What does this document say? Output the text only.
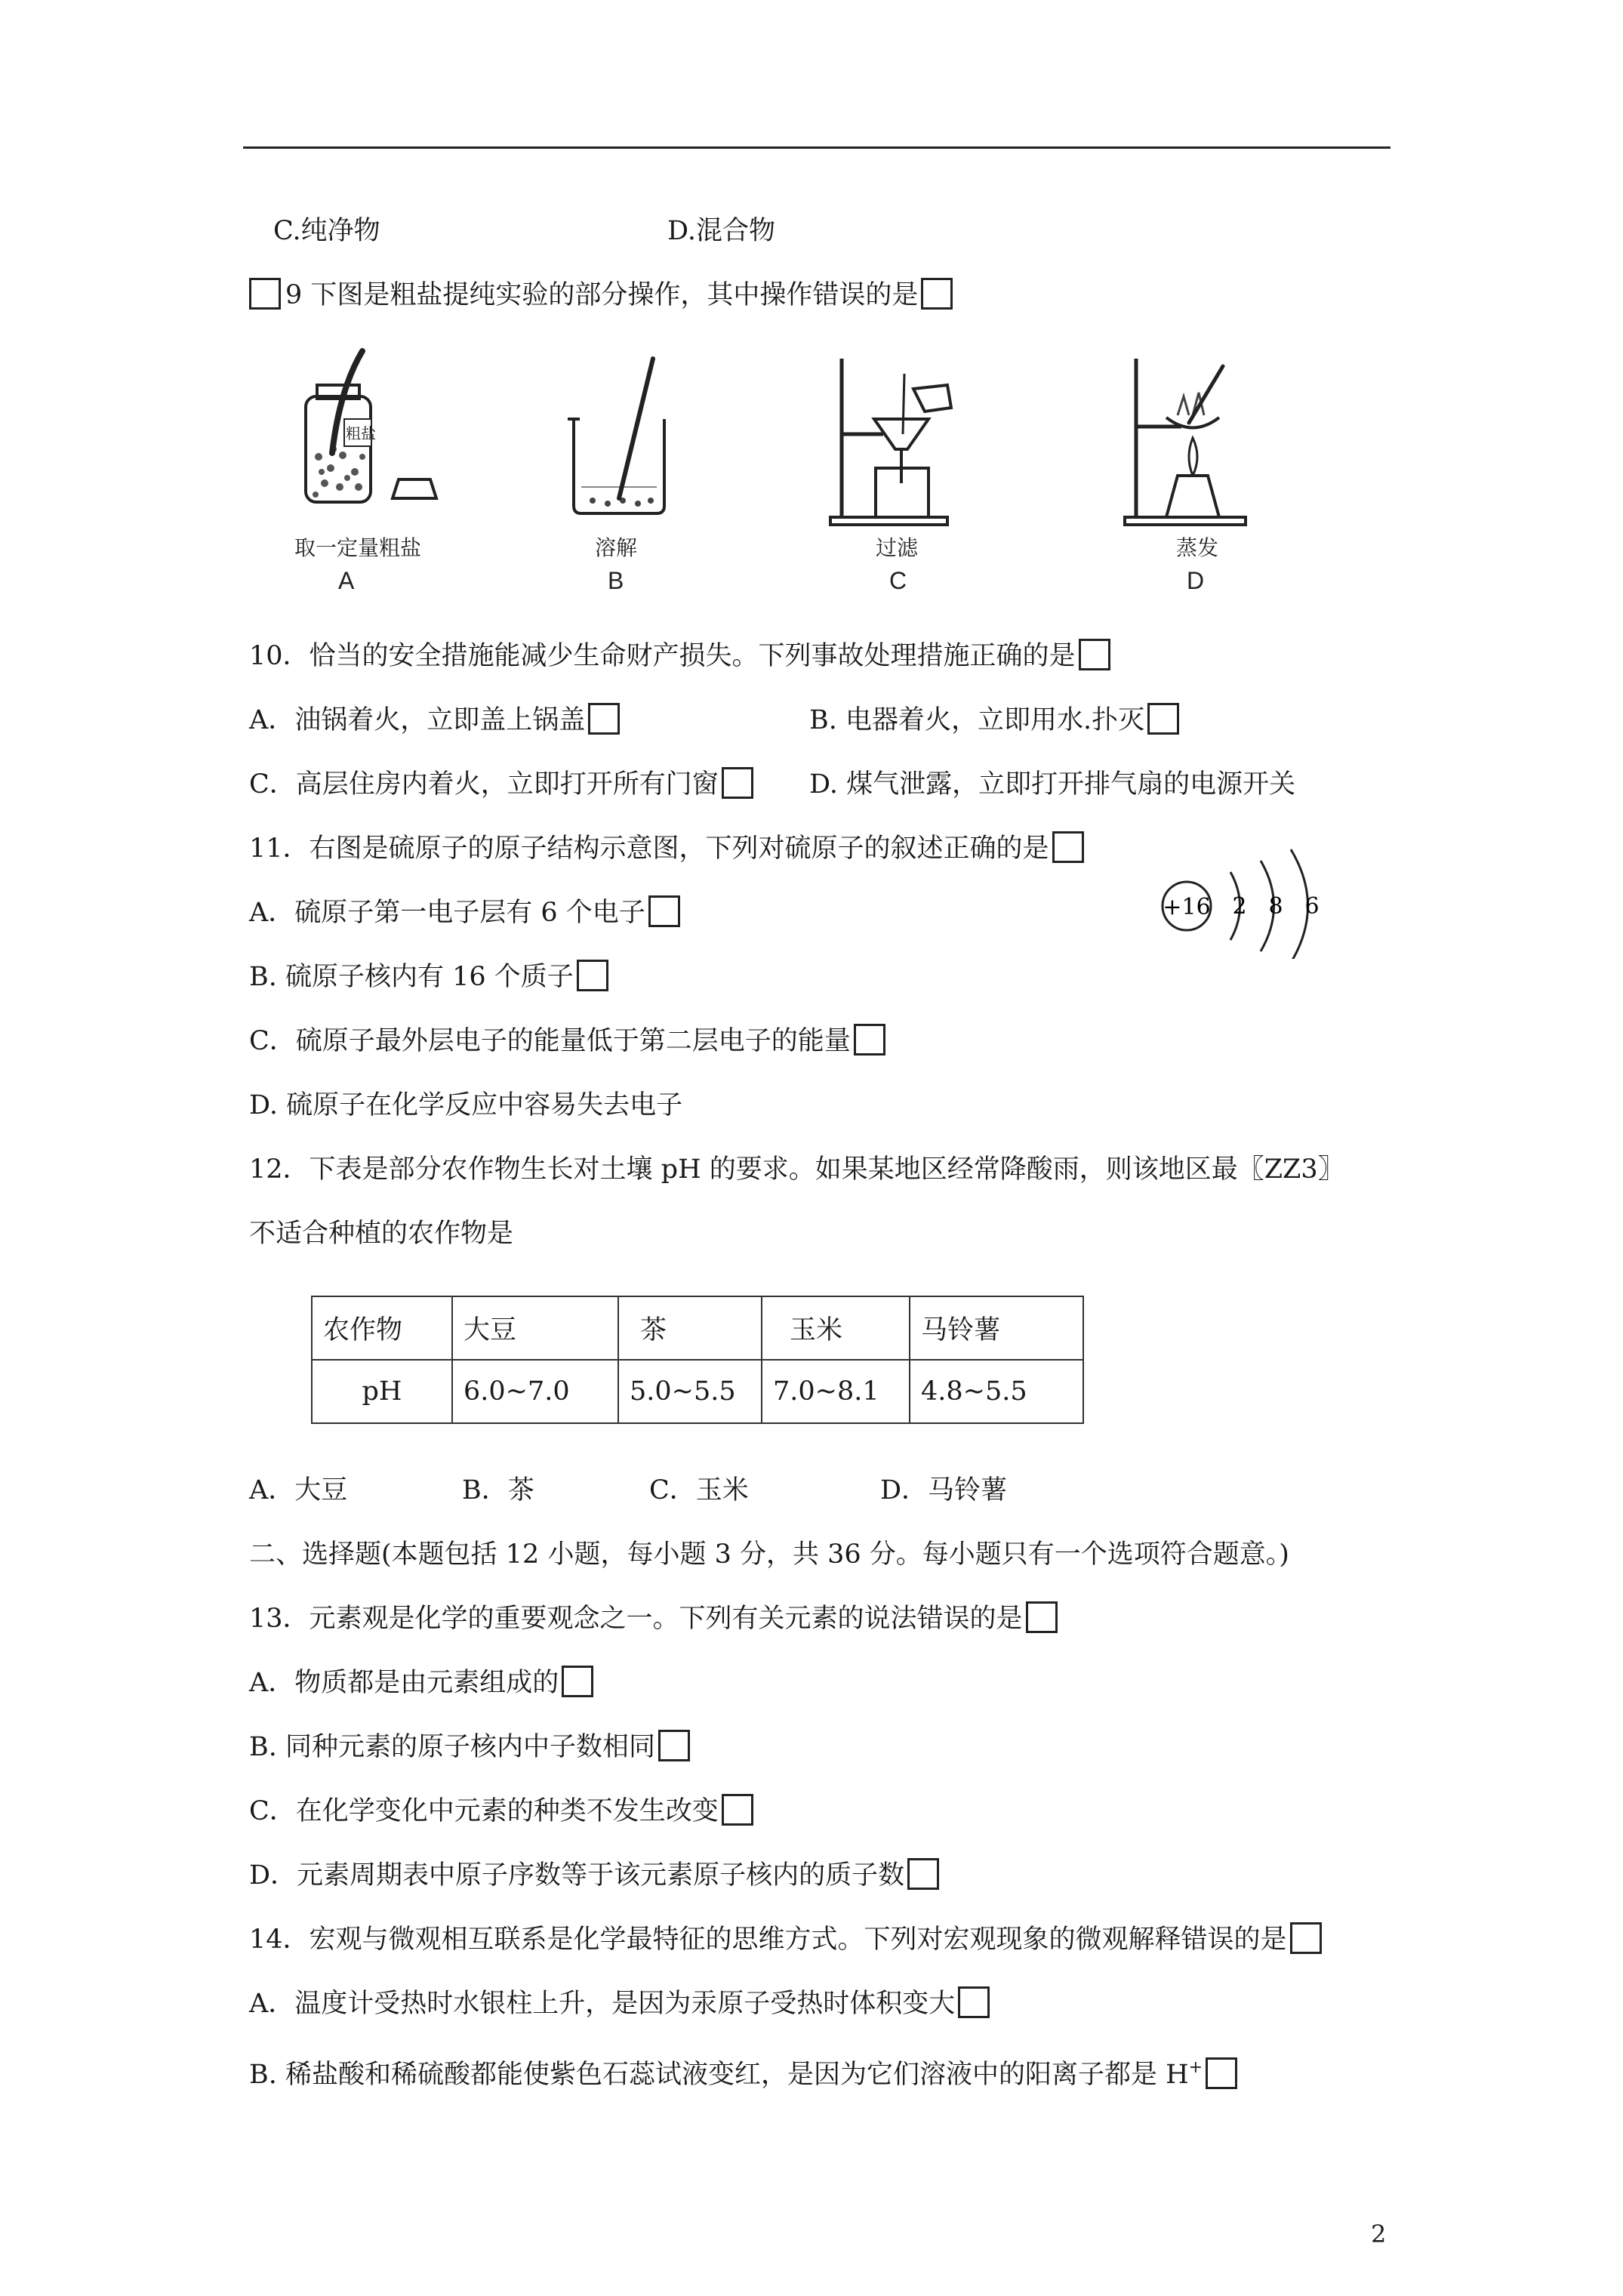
C.纯净物	D.混合物
9 下图是粗盐提纯实验的部分操作，其中操作错误的是
粗盐
取一定量粗盐
A
溶解
B
过滤
C
蒸发
D
10．恰当的安全措施能减少生命财产损失。下列事故处理措施正确的是
A．油锅着火，立即盖上锅盖	B. 电器着火，立即用水.扑灭
C．高层住房内着火，立即打开所有门窗	D. 煤气泄露，立即打开排气扇的电源开关
11．右图是硫原子的原子结构示意图，下列对硫原子的叙述正确的是
A．硫原子第一电子层有 6 个电子
B. 硫原子核内有 16 个质子
C．硫原子最外层电子的能量低于第二层电子的能量
D. 硫原子在化学反应中容易失去电子
+16 2 8 6
12．下表是部分农作物生长对土壤 pH 的要求。如果某地区经常降酸雨，则该地区最〖ZZ3〗
不适合种植的农作物是
农作物	大豆	茶	玉米	马铃薯
pH	6.0~7.0	5.0~5.5	7.0~8.1	4.8~5.5
A．大豆	B．茶	C．玉米	D．马铃薯
二、选择题(本题包括 12 小题，每小题 3 分，共 36 分。每小题只有一个选项符合题意。)
13．元素观是化学的重要观念之一。下列有关元素的说法错误的是
A．物质都是由元素组成的
B. 同种元素的原子核内中子数相同
C．在化学变化中元素的种类不发生改变
D．元素周期表中原子序数等于该元素原子核内的质子数
14．宏观与微观相互联系是化学最特征的思维方式。下列对宏观现象的微观解释错误的是
A．温度计受热时水银柱上升，是因为汞原子受热时体积变大
B. 稀盐酸和稀硫酸都能使紫色石蕊试液变红，是因为它们溶液中的阳离子都是 H+
2
